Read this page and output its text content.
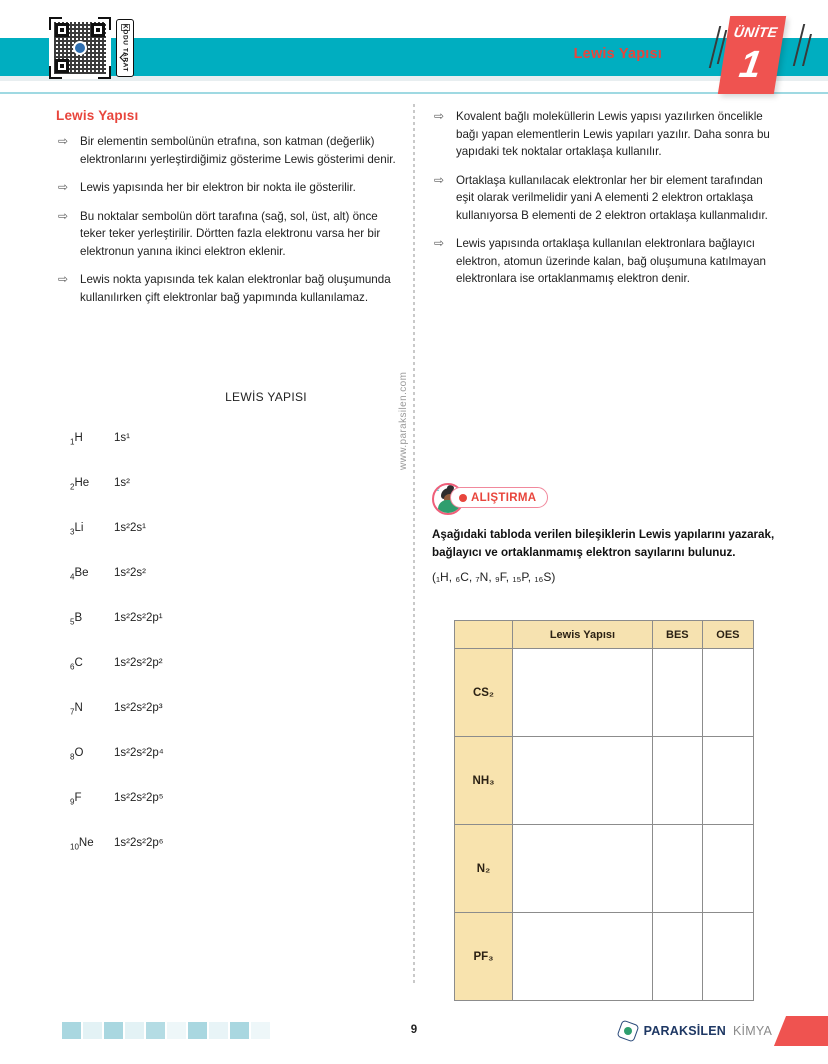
Lewis Yapısı
KODU TARAT	ÜNİTE
1
www.paraksilen.com
Lewis Yapısı
⇨ Bir elementin sembolünün etrafına, son katman (değerlik) elektronlarını yerleştirdiğimiz gösterime Lewis gösterimi denir.
⇨ Lewis yapısında her bir elektron bir nokta ile gösterilir.
⇨ Bu noktalar sembolün dört tarafına (sağ, sol, üst, alt) önce teker teker yerleştirilir. Dörtten fazla elektronu varsa her bir elektronun yanına ikinci elektron eklenir.
⇨ Lewis nokta yapısında tek kalan elektronlar bağ oluşumunda kullanılırken çift elektronlar bağ yapımında kullanılamaz.
⇨ Kovalent bağlı moleküllerin Lewis yapısı yazılırken öncelikle bağı yapan elementlerin Lewis yapıları yazılır. Daha sonra bu yapıdaki tek noktalar ortaklaşa kullanılır.
⇨ Ortaklaşa kullanılacak elektronlar her bir element tarafından eşit olarak verilmelidir yani A elementi 2 elektron ortaklaşa kullanıyorsa B elementi de 2 elektron ortaklaşa kullanmalıdır.
⇨ Lewis yapısında ortaklaşa kullanılan elektronlara bağlayıcı elektron, atomun üzerinde kalan, bağ oluşumuna katılmayan elektronlara ise ortaklanmamış elektron denir.
LEWİS YAPISI
$_1$H	1s¹
$_2$He	1s²
$_3$Li	1s²2s¹
$_4$Be	1s²2s²
$_5$B	1s²2s²2p¹
$_6$C	1s²2s²2p²
$_7$N	1s²2s²2p³
$_8$O	1s²2s²2p⁴
$_9$F	1s²2s²2p⁵
$_{10}$Ne	1s²2s²2p⁶
?
ALIŞTIRMA
Aşağıdaki tabloda verilen bileşiklerin Lewis yapılarını yazarak, bağlayıcı ve ortaklanmamış elektron sayılarını bulunuz.
(₁H, ₆C, ₇N, ₉F, ₁₅P, ₁₆S)
	Lewis Yapısı	BES	OES
CS₂			
NH₃			
N₂			
PF₃			
9	PARAKSİLEN KİMYA
